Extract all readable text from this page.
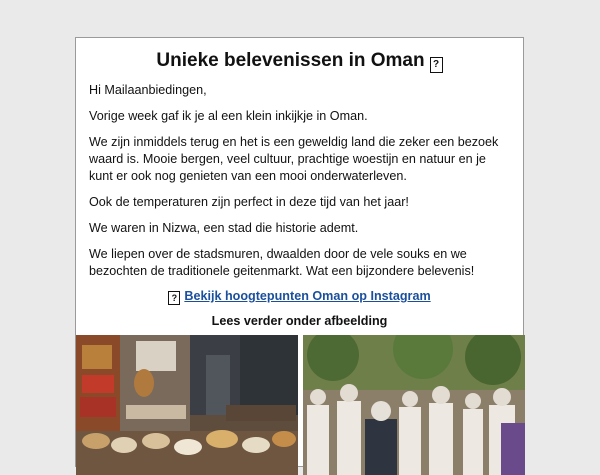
Unieke belevenissen in Oman ?

Hi Mailaanbiedingen,

Vorige week gaf ik je al een klein inkijkje in Oman.

We zijn inmiddels terug en het is een geweldig land die zeker een bezoek waard is. Mooie bergen, veel cultuur, prachtige woestijn en natuur en je kunt er ook nog genieten van een mooi onderwaterleven.

Ook de temperaturen zijn perfect in deze tijd van het jaar!

We waren in Nizwa, een stad die historie ademt.

We liepen over de stadsmuren, dwaalden door de vele souks en we bezochten de traditionele geitenmarkt. Wat een bijzondere belevenis!

? Bekijk hoogtepunten Oman op Instagram
Lees verder onder afbeelding
